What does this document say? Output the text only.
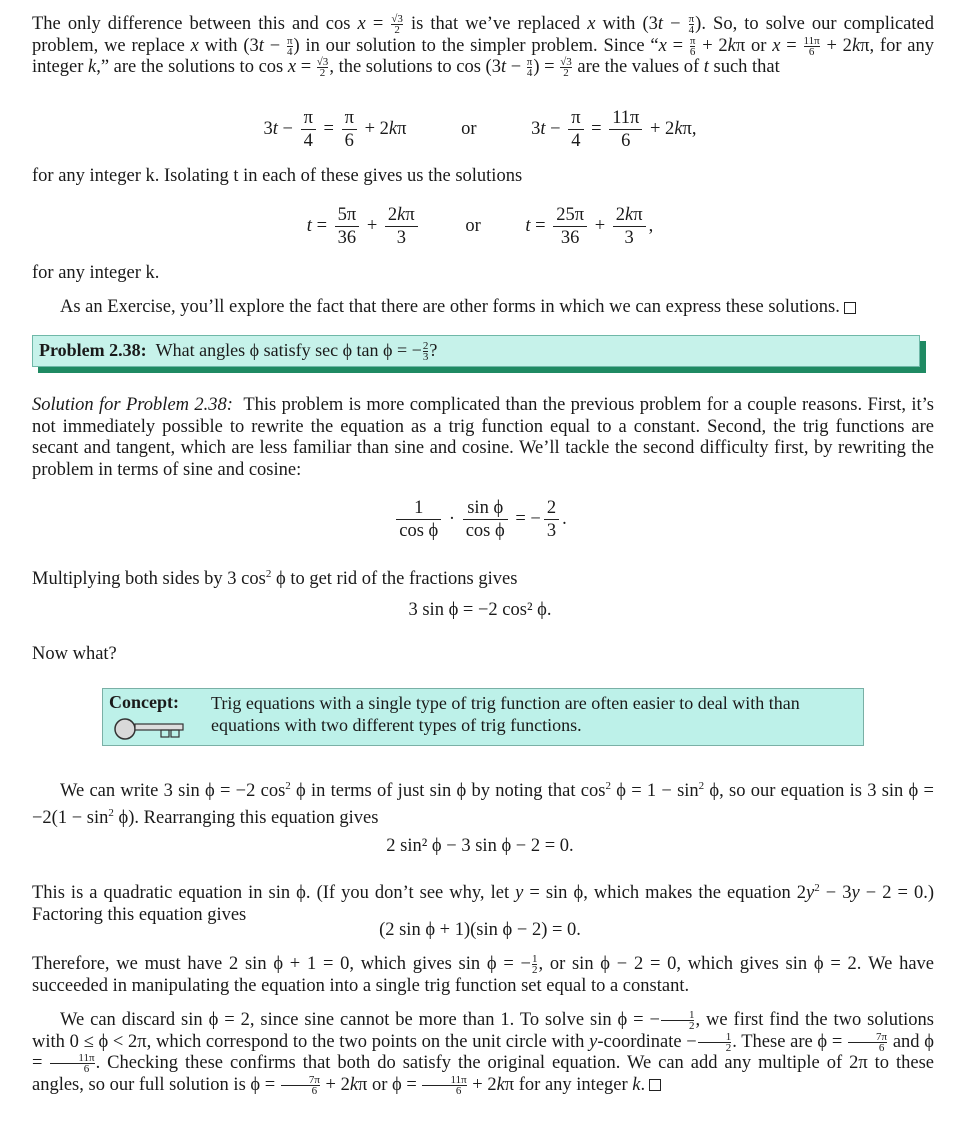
The only difference between this and $\cos x = \frac{√3}{2}$ is that we’ve replaced x with ($3t - \frac{\pi}{4}$ ). So, to solve our complicated problem, we replace x with ($3t - \frac{\pi}{4}$ ) in our solution to the simpler problem. Since “$x = \frac{\pi}{6} + 2k\pi$ or $x = \frac{11\pi}{6} + 2k\pi$, for any integer k,” are the solutions to $\cos x = \frac{√3}{2}$ , the solutions to $\cos (3t - \frac{\pi}{4}$ ) = $\frac{√3}{2}$ are the values of t such that
$3t - \frac{\pi}{4} = \frac{\pi}{6} + 2k\pi$	or	$3t - \frac{\pi}{4} = \frac{11\pi}{6} + 2k\pi$,
for any integer k. Isolating t in each of these gives us the solutions
$t = \frac{5\pi}{36} + \frac{2k\pi}{3}$	or $t = \frac{25\pi}{36} + \frac{2k\pi}{3}$ ,
for any integer k.
As an Exercise, you’ll explore the fact that there are other forms in which we can express these solutions.
Problem 2.38:  What angles ϕ satisfy sec ϕ tan ϕ = − $\frac{2}{3}$ ?
Solution for Problem 2.38: This problem is more complicated than the previous problem for a couple reasons. First, it’s not immediately possible to rewrite the equation as a trig function equal to a constant. Second, the trig functions are secant and tangent, which are less familiar than sine and cosine. We’ll tackle the second difficulty first, by rewriting the problem in terms of sine and cosine:
$\frac{1}{\text{cos ϕ}} \cdot \frac{\text{sin ϕ}}{\text{cos ϕ}}$ = − $\frac{2}{3}$ .
Multiplying both sides by 3 $\cos^2 \phi$ to get rid of the fractions gives
3 sin ϕ = −2 cos² ϕ.
Now what?
Concept: Trig equations with a single type of trig function are often easier to deal with than equations with two different types of trig functions.
We can write 3 sin ϕ = −2 $\cos^2 \phi$ in terms of just sin ϕ by noting that $\cos^2 \phi = 1 - \sin^2 \phi$, so our equation is 3 $\sin \phi = -2(1 - \sin^2 \phi)$. Rearranging this equation gives
2 sin² ϕ − 3 sin ϕ − 2 = 0.
This is a quadratic equation in sin ϕ. (If you don’t see why, let y = sin ϕ, which makes the equation $2y^2 - 3y - 2 = 0$.) Factoring this equation gives
(2 sin ϕ + 1)(sin ϕ − 2) = 0.
Therefore, we must have 2 sin ϕ + 1 = 0, which gives sin ϕ = − $\frac{1}{2}$ , or sin ϕ − 2 = 0, which gives sin ϕ = 2. We have succeeded in manipulating the equation into a single trig function set equal to a constant.
We can discard sin ϕ = 2, since sine cannot be more than 1. To solve sin ϕ = − $\frac{1}{2}$ , we first find the two solutions with 0 ≤ ϕ < 2π, which correspond to the two points on the unit circle with y-coordinate − $\frac{1}{2}$ . These are $\phi = \frac{7\pi}{6}$ and $\phi = \frac{11\pi}{6}$ . Checking these confirms that both do satisfy the original equation. We can add any multiple of 2π to these angles, so our full solution is $\phi = \frac{7\pi}{6} + 2k\pi$ or $\phi = \frac{11\pi}{6} + 2k\pi$ for any integer k.
